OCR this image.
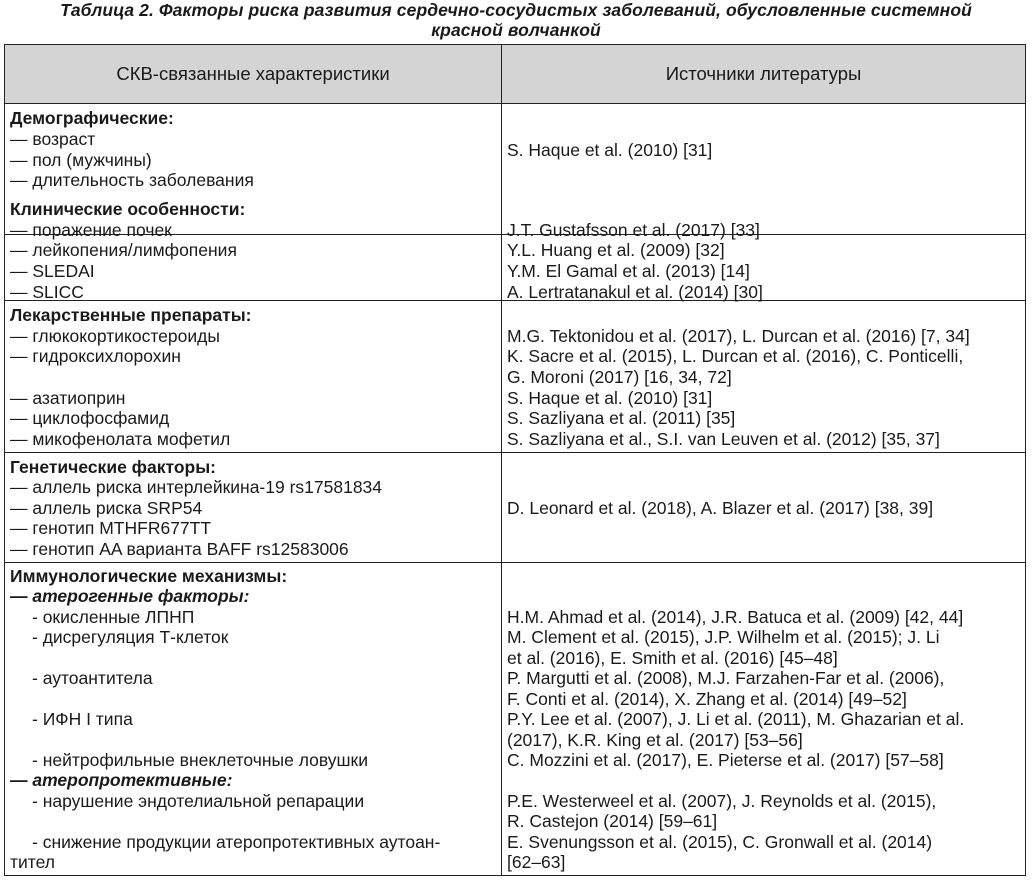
Таблица 2. Факторы риска развития сердечно-сосудистых заболеваний, обусловленные системной
красной волчанкой
СКВ-связанные характеристики	Источники литературы
Демографические:
— возраст
— пол (мужчины)
— длительность заболевания
S. Haque et al. (2010) [31]
Клинические особенности:
— поражение почек
— лейкопения/лимфопения
— SLEDAI
— SLICC
J.T. Gustafsson et al. (2017) [33]
Y.L. Huang et al. (2009) [32]
Y.M. El Gamal et al. (2013) [14]
A. Lertratanakul et al. (2014) [30]
Лекарственные препараты:
— глюкокортикостероиды
— гидроксихлорохин
— азатиоприн
— циклофосфамид
— микофенолата мофетил
M.G. Tektonidou et al. (2017), L. Durcan et al. (2016) [7, 34]
K. Sacre et al. (2015), L. Durcan et al. (2016), C. Ponticelli,
G. Moroni (2017) [16, 34, 72]
S. Haque et al. (2010) [31]
S. Sazliyana et al. (2011) [35]
S. Sazliyana et al., S.I. van Leuven et al. (2012) [35, 37]
Генетические факторы:
— аллель риска интерлейкина-19 rs17581834
— аллель риска SRP54
— генотип MTHFR677TT
— генотип AA варианта BAFF rs12583006
D. Leonard et al. (2018), A. Blazer et al. (2017) [38, 39]
Иммунологические механизмы:
— атерогенные факторы:
- окисленные ЛПНП
- дисрегуляция Т-клеток
- аутоантитела
- ИФН I типа
- нейтрофильные внеклеточные ловушки
— атеропротективные:
- нарушение эндотелиальной репарации
- снижение продукции атеропротективных аутоан-
тител
H.M. Ahmad et al. (2014), J.R. Batuca et al. (2009) [42, 44]
M. Clement et al. (2015), J.P. Wilhelm et al. (2015); J. Li
et al. (2016), E. Smith et al. (2016) [45–48]
P. Margutti et al. (2008), M.J. Farzahen-Far et al. (2006),
F. Conti et al. (2014), X. Zhang et al. (2014) [49–52]
P.Y. Lee et al. (2007), J. Li et al. (2011), M. Ghazarian et al.
(2017), K.R. King et al. (2017) [53–56]
C. Mozzini et al. (2017), E. Pieterse et al. (2017) [57–58]
P.E. Westerweel et al. (2007), J. Reynolds et al. (2015),
R. Castejon (2014) [59–61]
E. Svenungsson et al. (2015), C. Gronwall et al. (2014)
[62–63]
